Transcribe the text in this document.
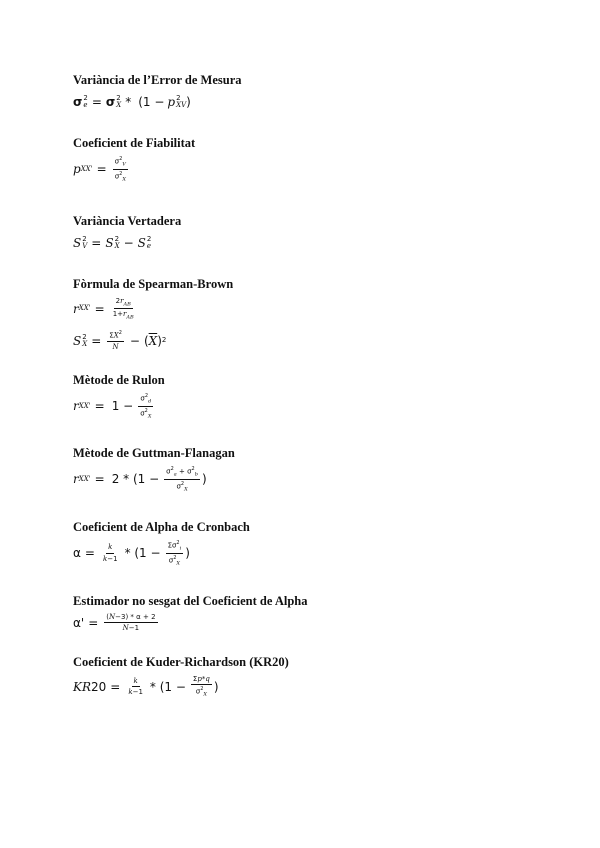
Variància de l’Error de Mesura
σ 2
e = σ 2
X * (1 − p 2
XV )
Coeficient de Fiabilitat
p $XX' = \frac{\sigma^2_V}{\sigma^2_X}$
Variància Vertadera
S 2
V = S 2
X − S 2
e
Fòrmula de Spearman-Brown
r $XX' = \frac{2r_{AB}}{1+r_{AB}}$
S 2
$X = \frac{\Sigma X^2}{N}$ − ( $\overline{X}$ ) 2
Mètode de Rulon
r $XX' = 1 - \frac{\sigma^2_d}{\sigma^2_X}$
Mètode de Guttman-Flanagan
r $XX' = 2 * (1 - \frac{\sigma^2_a + \sigma^2_b}{\sigma^2_X}$ )
Coeficient de Alpha de Cronbach
$\alpha = \frac{k}{k-1} * (1 - \frac{\Sigma\sigma^2_i}{\sigma^2_X}$ )
Estimador no sesgat del Coeficient de Alpha
$\alpha' = \frac{(N-3) * \alpha + 2}{N-1}$
Coeficient de Kuder-Richardson (KR20)
KR $20 = \frac{k}{k-1} * (1 - \frac{\Sigma p*q}{\sigma^2_X}$ )
